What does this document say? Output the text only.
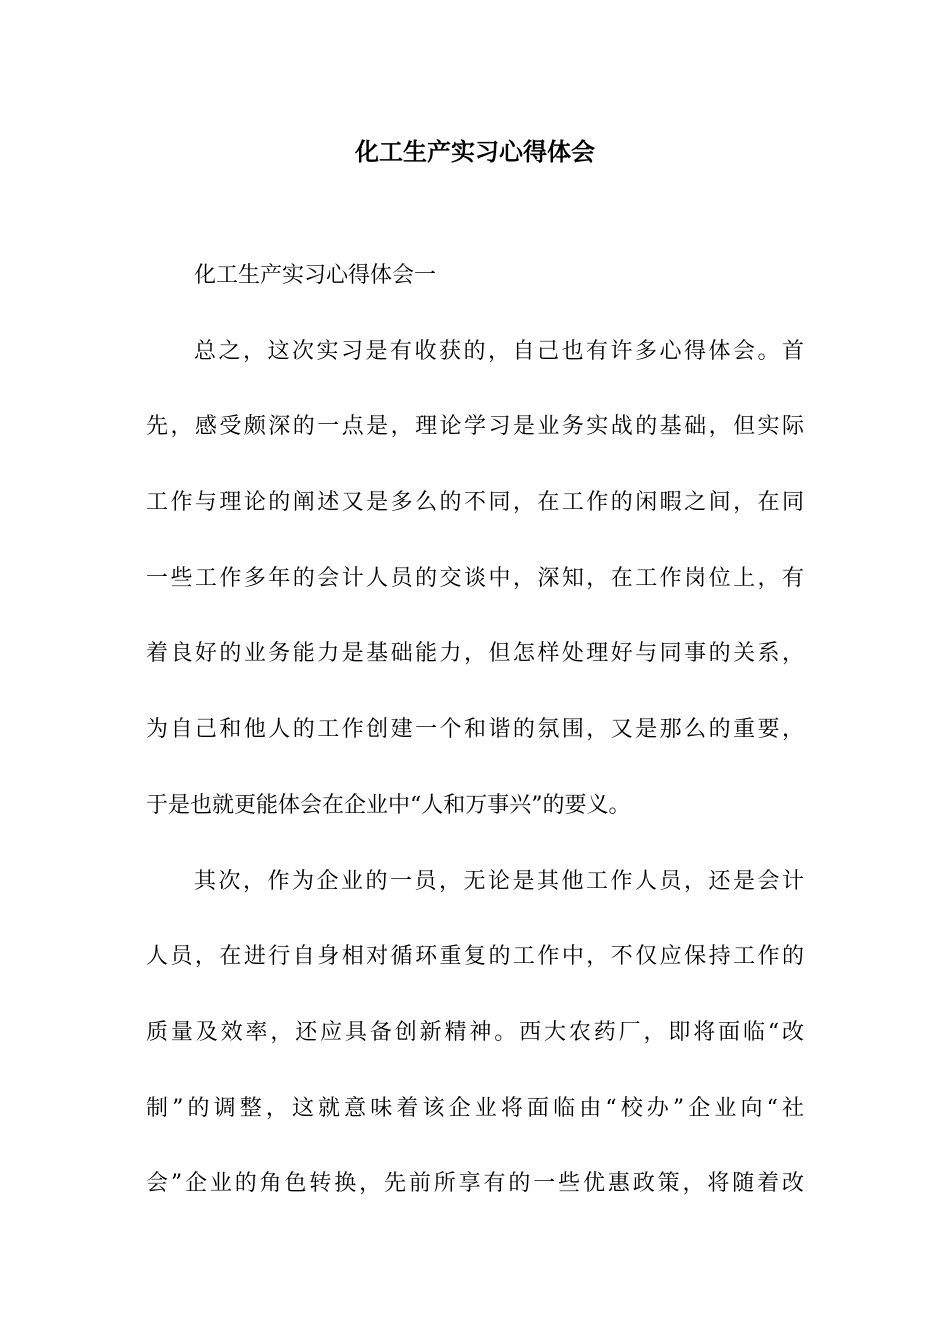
化工生产实习心得体会
化工生产实习心得体会一
总之，这次实习是有收获的，自己也有许多心得体会。首
先，感受颇深的一点是，理论学习是业务实战的基础，但实际
工作与理论的阐述又是多么的不同，在工作的闲暇之间，在同
一些工作多年的会计人员的交谈中，深知，在工作岗位上，有
着良好的业务能力是基础能力，但怎样处理好与同事的关系，
为自己和他人的工作创建一个和谐的氛围，又是那么的重要，
于是也就更能体会在企业中“人和万事兴”的要义。
其次，作为企业的一员，无论是其他工作人员，还是会计
人员，在进行自身相对循环重复的工作中，不仅应保持工作的
质量及效率，还应具备创新精神。西大农药厂，即将面临“改
制”的调整，这就意味着该企业将面临由“校办”企业向“社
会”企业的角色转换，先前所享有的一些优惠政策，将随着改
